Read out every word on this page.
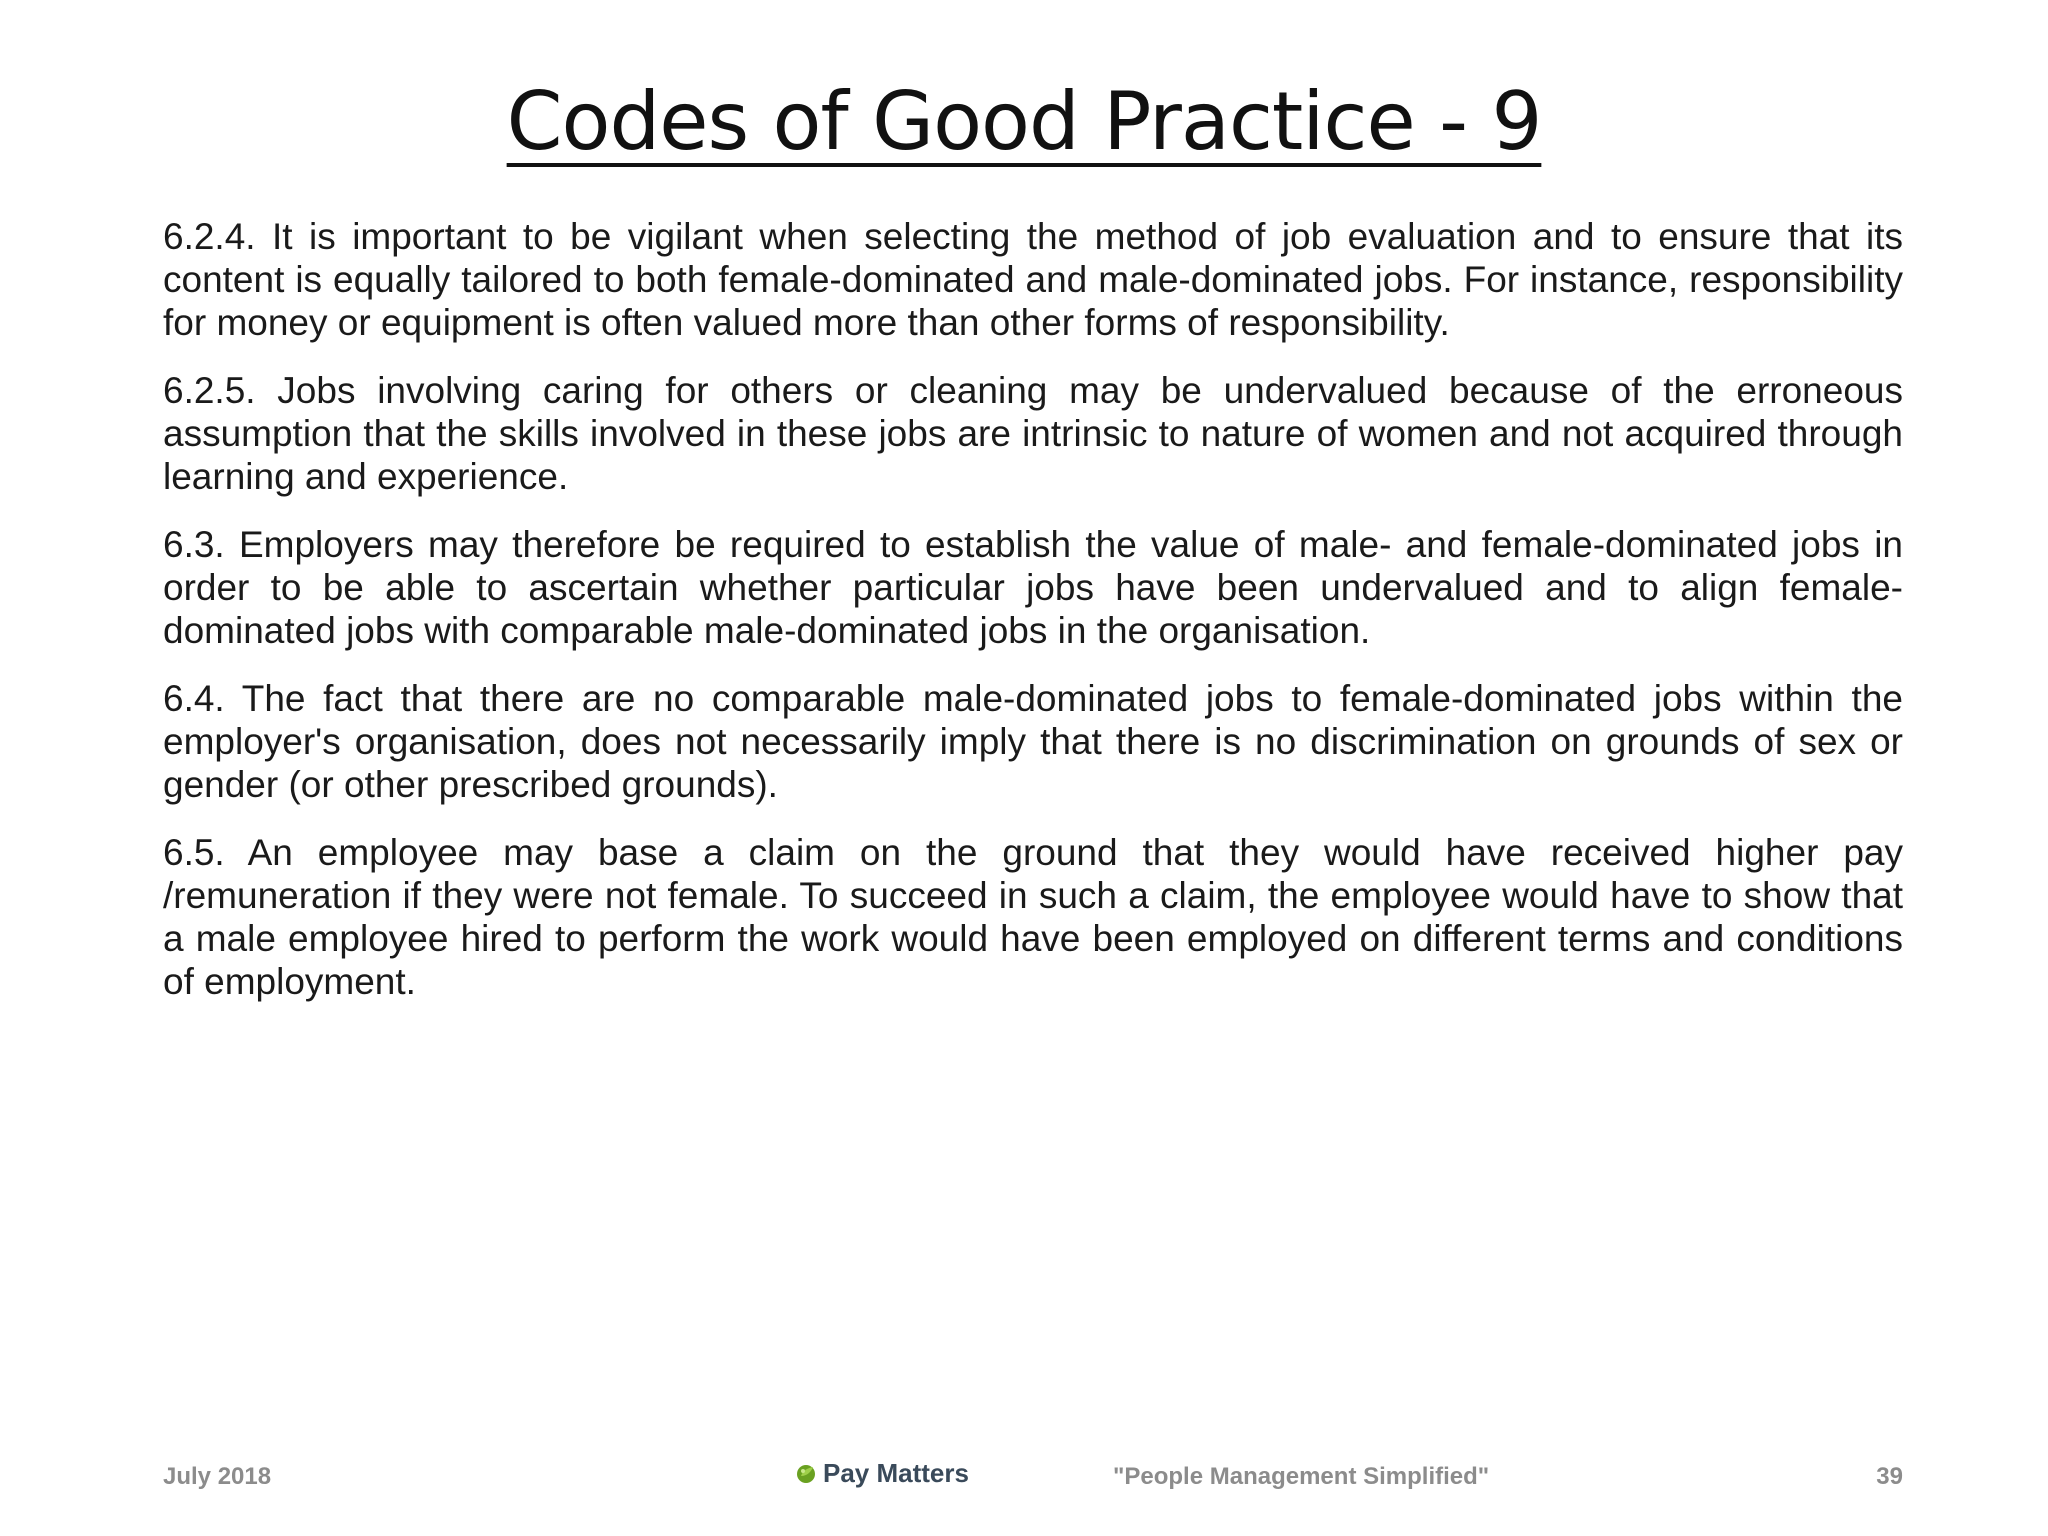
Codes of Good Practice - 9

6.2.4. It is important to be vigilant when selecting the method of job evaluation and to ensure that its content is equally tailored to both female-dominated and male-dominated jobs. For instance, responsibility for money or equipment is often valued more than other forms of responsibility.

6.2.5. Jobs involving caring for others or cleaning may be undervalued because of the erroneous assumption that the skills involved in these jobs are intrinsic to nature of women and not acquired through learning and experience.

6.3. Employers may therefore be required to establish the value of male- and female-dominated jobs in order to be able to ascertain whether particular jobs have been undervalued and to align female-dominated jobs with comparable male-dominated jobs in the organisation.

6.4. The fact that there are no comparable male-dominated jobs to female-dominated jobs within the employer's organisation, does not necessarily imply that there is no discrimination on grounds of sex or gender (or other prescribed grounds).

6.5. An employee may base a claim on the ground that they would have received higher pay /remuneration if they were not female. To succeed in such a claim, the employee would have to show that a male employee hired to perform the work would have been employed on different terms and conditions of employment.

July 2018	Pay Matters	"People Management Simplified"	39
